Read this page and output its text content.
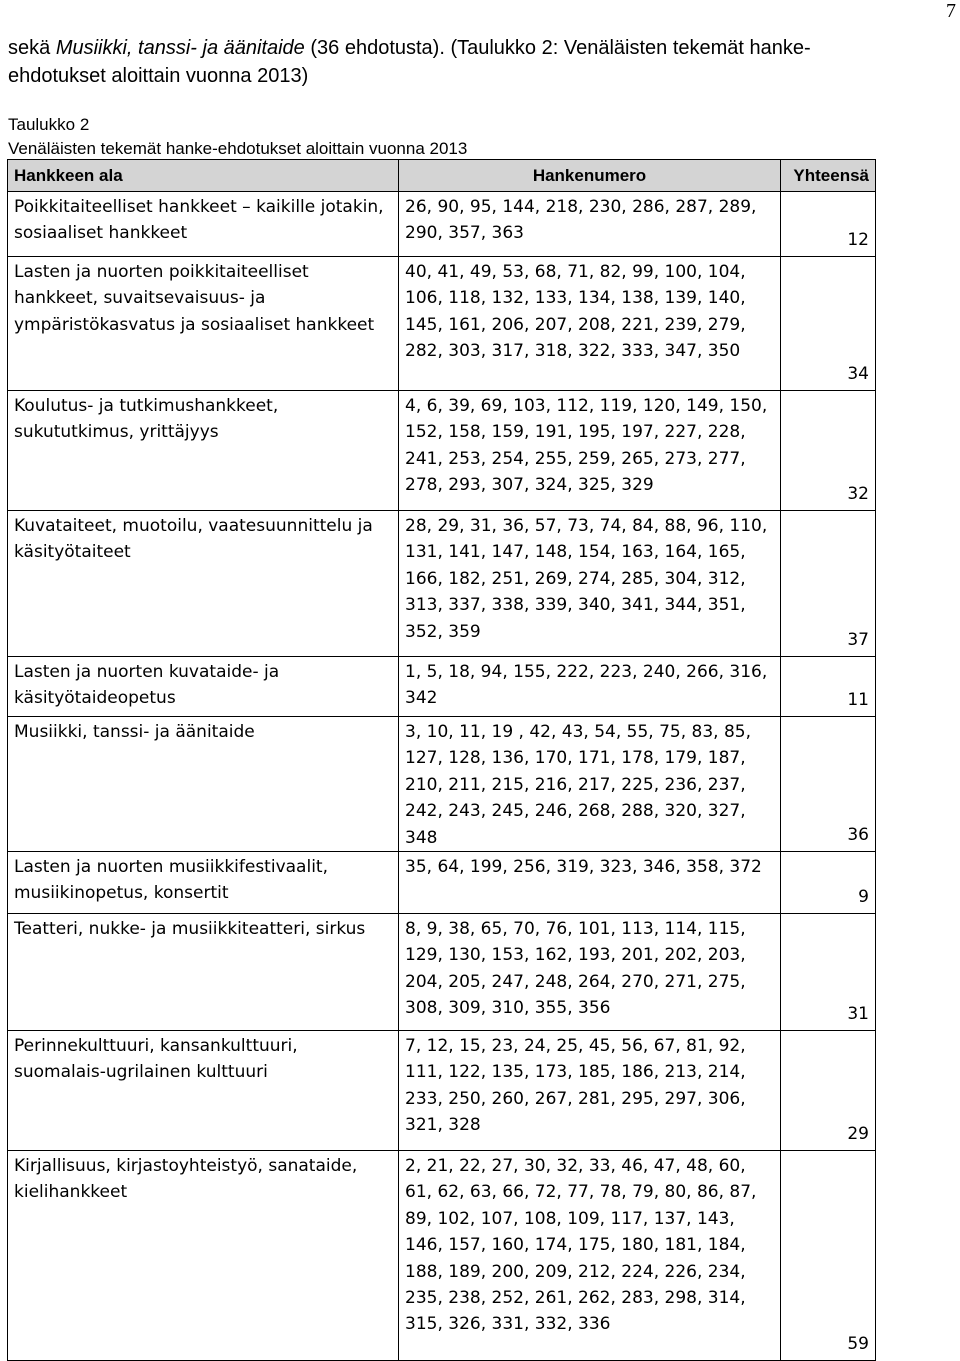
7
sekä Musiikki, tanssi- ja äänitaide (36 ehdotusta). (Taulukko 2: Venäläisten tekemät hanke-ehdotukset aloittain vuonna 2013)
Taulukko 2
Venäläisten tekemät hanke-ehdotukset aloittain vuonna 2013
Hankkeen ala	Hankenumero	Yhteensä
Poikkitaiteelliset hankkeet – kaikille jotakin, sosiaaliset hankkeet	26, 90, 95, 144, 218, 230, 286, 287, 289, 290, 357, 363	12
Lasten ja nuorten poikkitaiteelliset hankkeet, suvaitsevaisuus- ja ympäristökasvatus ja sosiaaliset hankkeet	40, 41, 49, 53, 68, 71, 82, 99, 100, 104, 106, 118, 132, 133, 134, 138, 139, 140, 145, 161, 206, 207, 208, 221, 239, 279, 282, 303, 317, 318, 322, 333, 347, 350	34
Koulutus- ja tutkimushankkeet, sukututkimus, yrittäjyys	4, 6, 39, 69, 103, 112, 119, 120, 149, 150, 152, 158, 159, 191, 195, 197, 227, 228, 241, 253, 254, 255, 259, 265, 273, 277, 278, 293, 307, 324, 325, 329	32
Kuvataiteet, muotoilu, vaatesuunnittelu ja käsityötaiteet	28, 29, 31, 36, 57, 73, 74, 84, 88, 96, 110, 131, 141, 147, 148, 154, 163, 164, 165, 166, 182, 251, 269, 274, 285, 304, 312, 313, 337, 338, 339, 340, 341, 344, 351, 352, 359	37
Lasten ja nuorten kuvataide- ja käsityötaideopetus	1, 5, 18, 94, 155, 222, 223, 240, 266, 316, 342	11
Musiikki, tanssi- ja äänitaide	3, 10, 11, 19 , 42, 43, 54, 55, 75, 83, 85, 127, 128, 136, 170, 171, 178, 179, 187, 210, 211, 215, 216, 217, 225, 236, 237, 242, 243, 245, 246, 268, 288, 320, 327, 348	36
Lasten ja nuorten musiikkifestivaalit, musiikinopetus, konsertit	35, 64, 199, 256, 319, 323, 346, 358, 372	9
Teatteri, nukke- ja musiikkiteatteri, sirkus	8, 9, 38, 65, 70, 76, 101, 113, 114, 115, 129, 130, 153, 162, 193, 201, 202, 203, 204, 205, 247, 248, 264, 270, 271, 275, 308, 309, 310, 355, 356	31
Perinnekulttuuri, kansankulttuuri, suomalais-ugrilainen kulttuuri	7, 12, 15, 23, 24, 25, 45, 56, 67, 81, 92, 111, 122, 135, 173, 185, 186, 213, 214, 233, 250, 260, 267, 281, 295, 297, 306, 321, 328	29
Kirjallisuus, kirjastoyhteistyö, sanataide, kielihankkeet	2, 21, 22, 27, 30, 32, 33, 46, 47, 48, 60, 61, 62, 63, 66, 72, 77, 78, 79, 80, 86, 87, 89, 102, 107, 108, 109, 117, 137, 143, 146, 157, 160, 174, 175, 180, 181, 184, 188, 189, 200, 209, 212, 224, 226, 234, 235, 238, 252, 261, 262, 283, 298, 314, 315, 326, 331, 332, 336	59
